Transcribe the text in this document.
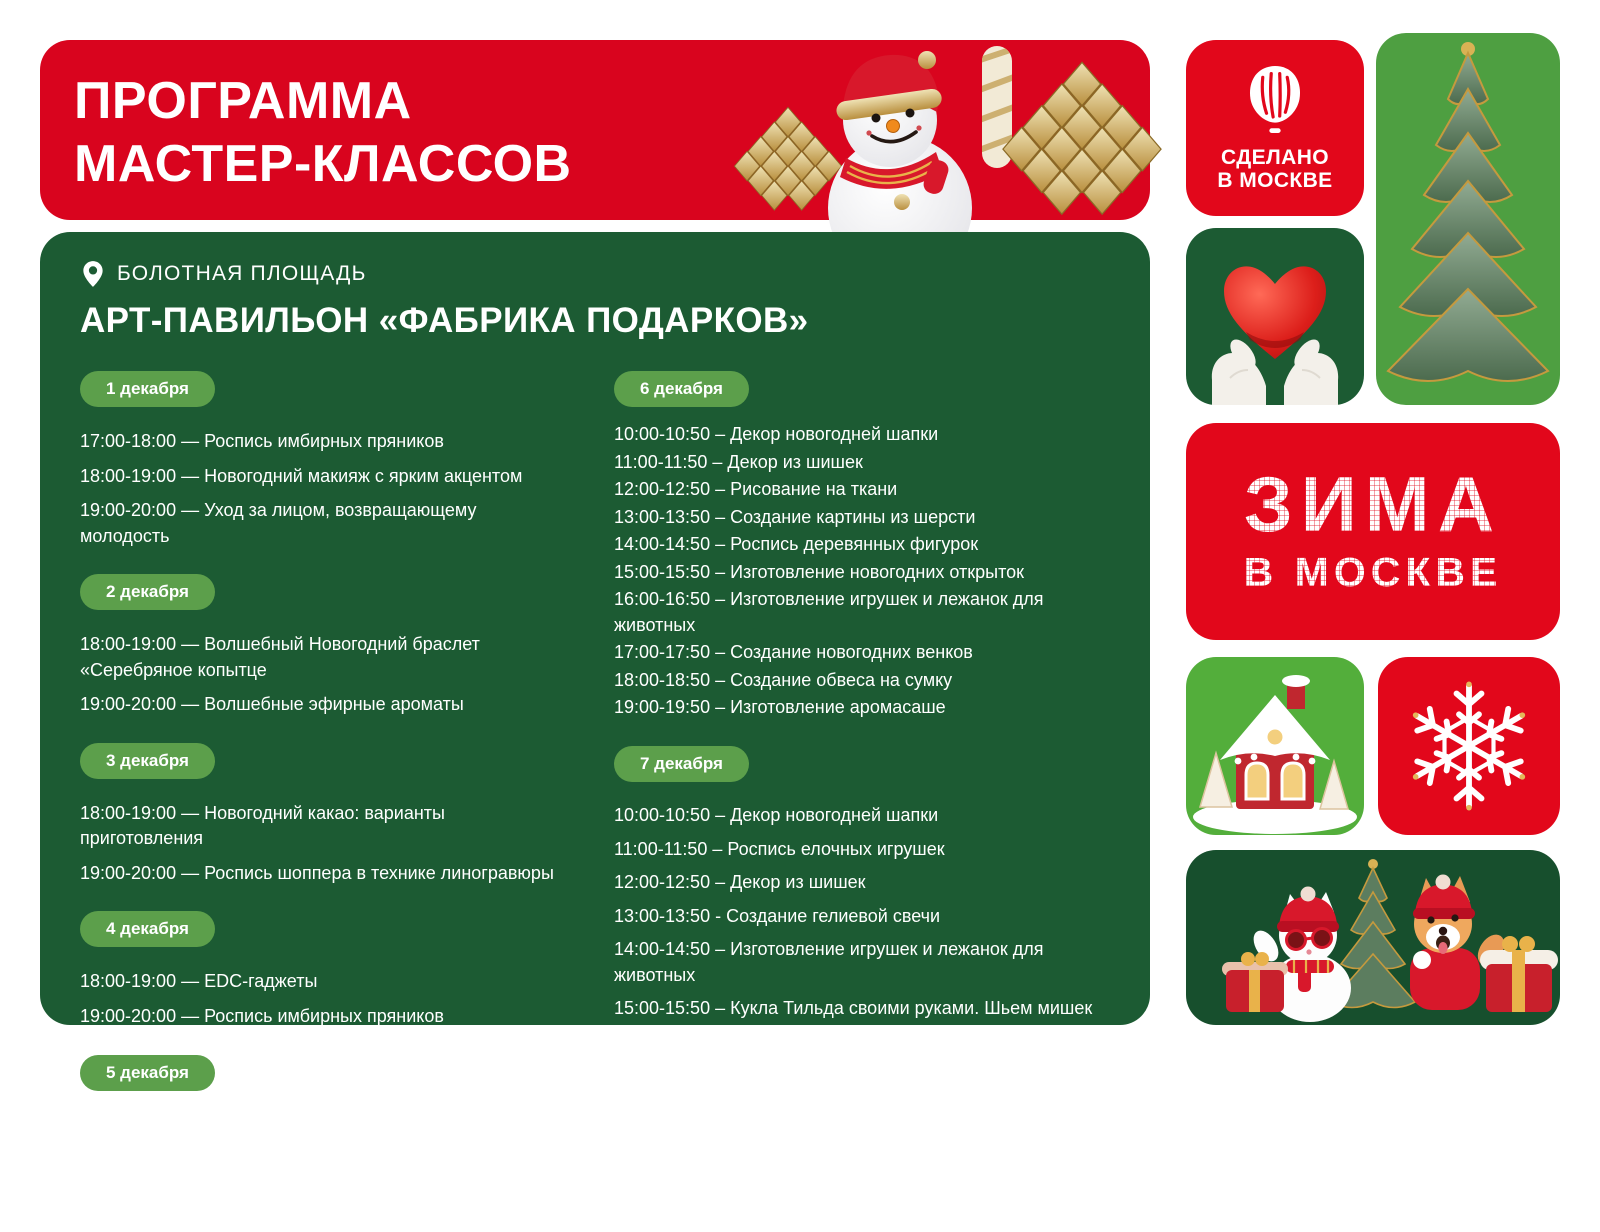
ПРОГРАММА
МАСТЕР-КЛАССОВ
БОЛОТНАЯ ПЛОЩАДЬ
АРТ-ПАВИЛЬОН «ФАБРИКА ПОДАРКОВ»
1 декабря
17:00-18:00 — Роспись имбирных пряников
18:00-19:00 — Новогодний макияж с ярким акцентом
19:00-20:00 — Уход за лицом, возвращающему молодость
2 декабря
18:00-19:00 — Волшебный Новогодний браслет «Серебряное копытце
19:00-20:00 — Волшебные эфирные ароматы
3 декабря
18:00-19:00 — Новогодний какао: варианты приготовления
19:00-20:00 — Роспись шоппера в технике линогравюры
4 декабря
18:00-19:00 — EDC-гаджеты
19:00-20:00 — Роспись имбирных пряников
5 декабря
18:00-19:00 — Роспись пряников для участников от 6 лет
19:30-20:30 — Создание аксессуаров
6 декабря
10:00-10:50 – Декор новогодней шапки
11:00-11:50 – Декор из шишек
12:00-12:50 – Рисование на ткани
13:00-13:50 – Создание картины из шерсти
14:00-14:50 – Роспись деревянных фигурок
15:00-15:50 – Изготовление новогодних открыток
16:00-16:50 – Изготовление игрушек и лежанок для животных
17:00-17:50 – Создание новогодних венков
18:00-18:50 – Создание обвеса на сумку
19:00-19:50 – Изготовление аромасаше
7 декабря
10:00-10:50 – Декор новогодней шапки
11:00-11:50 – Роспись елочных игрушек
12:00-12:50 – Декор из шишек
13:00-13:50 - Создание гелиевой свечи
14:00-14:50 – Изготовление игрушек и лежанок для животных
15:00-15:50 – Кукла Тильда своими руками. Шьем мишек Тедди
16:00-16:50 – Создание обвеса на сумку
17:00-17:50 – Создание елочных экоукрашений
18:00-18:50 – Декорирование свечей в новогодней тематике
19:00-19:50 – Создание броши
СДЕЛАНО
В МОСКВЕ
ЗИМА
В МОСКВЕ
